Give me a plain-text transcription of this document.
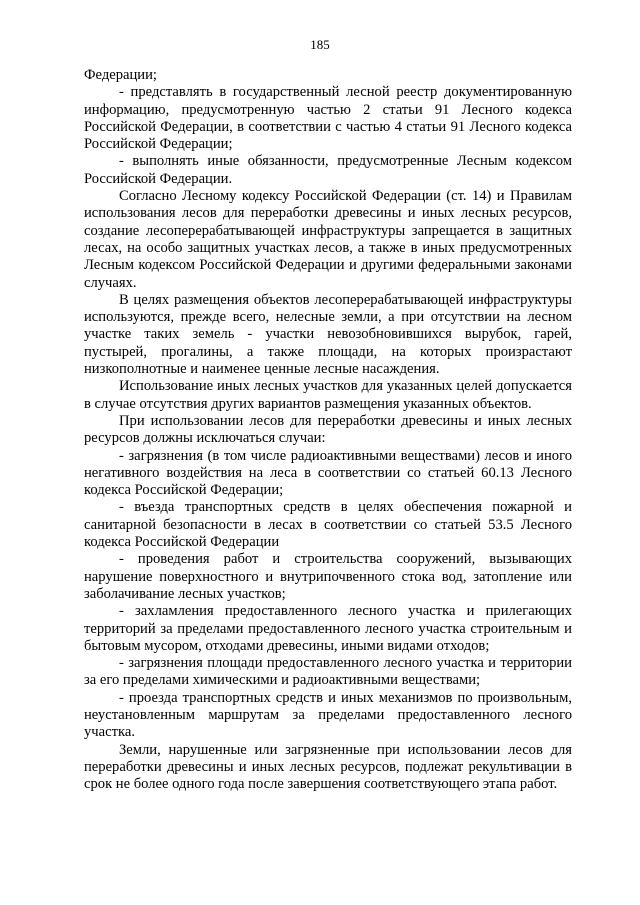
185

Федерации;

- представлять в государственный лесной реестр документированную информацию, предусмотренную частью 2 статьи 91 Лесного кодекса Российской Федерации, в соответствии с частью 4 статьи 91 Лесного кодекса Российской Федерации;

- выполнять иные обязанности, предусмотренные Лесным кодексом Российской Федерации.

Согласно Лесному кодексу Российской Федерации (ст. 14) и Правилам использования лесов для переработки древесины и иных лесных ресурсов, создание лесоперерабатывающей инфраструктуры запрещается в защитных лесах, на особо защитных участках лесов, а также в иных предусмотренных Лесным кодексом Российской Федерации и другими федеральными законами случаях.

В целях размещения объектов лесоперерабатывающей инфраструктуры используются, прежде всего, нелесные земли, а при отсутствии на лесном участке таких земель - участки невозобновившихся вырубок, гарей, пустырей, прогалины, а также площади, на которых произрастают низкополнотные и наименее ценные лесные насаждения.

Использование иных лесных участков для указанных целей допускается в случае отсутствия других вариантов размещения указанных объектов.

При использовании лесов для переработки древесины и иных лесных ресурсов должны исключаться случаи:

- загрязнения (в том числе радиоактивными веществами) лесов и иного негативного воздействия на леса в соответствии со статьей 60.13 Лесного кодекса Российской Федерации;

- въезда транспортных средств в целях обеспечения пожарной и санитарной безопасности в лесах в соответствии со статьей 53.5 Лесного кодекса Российской Федерации

- проведения работ и строительства сооружений, вызывающих нарушение поверхностного и внутрипочвенного стока вод, затопление или заболачивание лесных участков;

- захламления предоставленного лесного участка и прилегающих территорий за пределами предоставленного лесного участка строительным и бытовым мусором, отходами древесины, иными видами отходов;

- загрязнения площади предоставленного лесного участка и территории за его пределами химическими и радиоактивными веществами;

- проезда транспортных средств и иных механизмов по произвольным, неустановленным маршрутам за пределами предоставленного лесного участка.

Земли, нарушенные или загрязненные при использовании лесов для переработки древесины и иных лесных ресурсов, подлежат рекультивации в срок не более одного года после завершения соответствующего этапа работ.
